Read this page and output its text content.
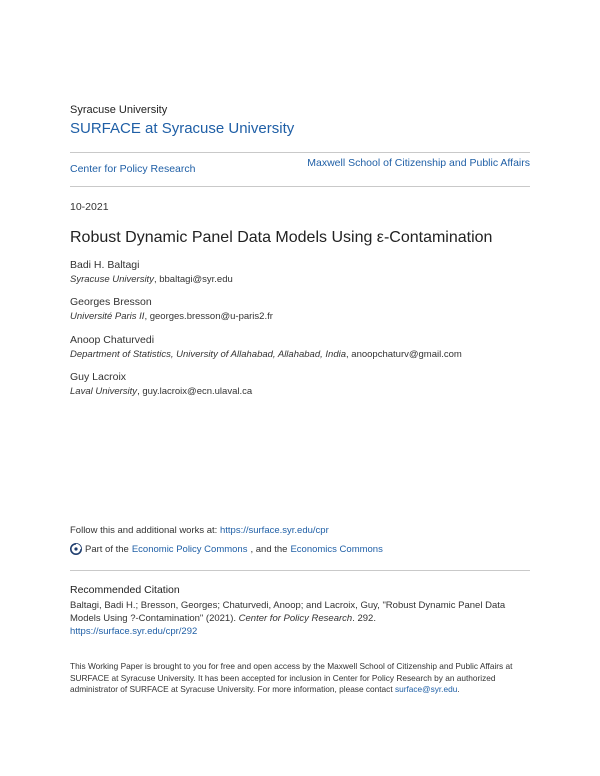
Syracuse University
SURFACE at Syracuse University
Center for Policy Research	Maxwell School of Citizenship and Public Affairs
10-2021
Robust Dynamic Panel Data Models Using ε-Contamination
Badi H. Baltagi
Syracuse University, bbaltagi@syr.edu
Georges Bresson
Université Paris II, georges.bresson@u-paris2.fr
Anoop Chaturvedi
Department of Statistics, University of Allahabad, Allahabad, India, anoopchaturv@gmail.com
Guy Lacroix
Laval University, guy.lacroix@ecn.ulaval.ca
Follow this and additional works at: https://surface.syr.edu/cpr
Part of the Economic Policy Commons , and the Economics Commons
Recommended Citation
Baltagi, Badi H.; Bresson, Georges; Chaturvedi, Anoop; and Lacroix, Guy, "Robust Dynamic Panel Data Models Using ?-Contamination" (2021). Center for Policy Research. 292.
https://surface.syr.edu/cpr/292
This Working Paper is brought to you for free and open access by the Maxwell School of Citizenship and Public Affairs at SURFACE at Syracuse University. It has been accepted for inclusion in Center for Policy Research by an authorized administrator of SURFACE at Syracuse University. For more information, please contact surface@syr.edu.
